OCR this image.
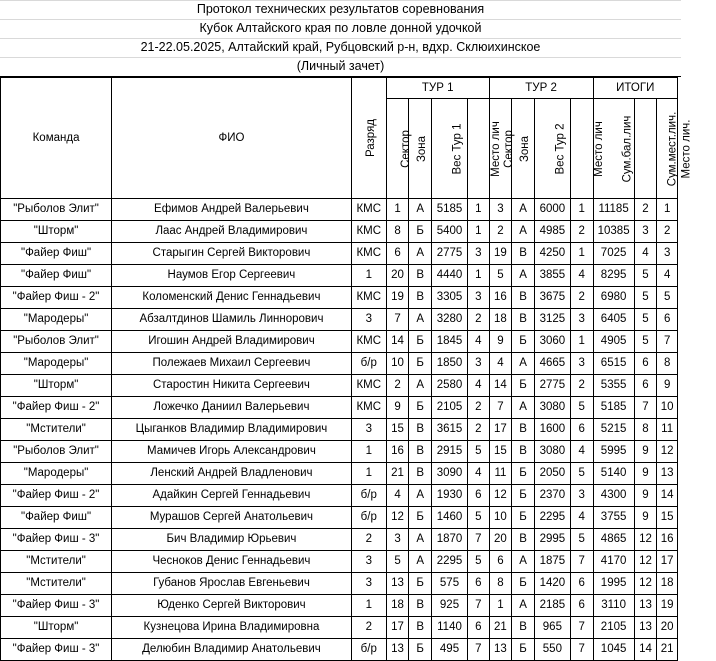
Протокол технических результатов соревнования
Кубок Алтайского края по ловле донной удочкой
21-22.05.2025, Алтайский край, Рубцовский р-н, вдхр. Склюихинское
(Личный зачет)
Команда	ФИО	Разряд	ТУР 1				ТУР 2				ИТОГИ		
			Сектор	Зона	Вес Тур 1	Место лич	Сектор	Зона	Вес Тур 2	Место лич	Сум.бал.лич	Сум.мест.лич.	Место лич.
"Рыболов Элит"	Ефимов Андрей Валерьевич	КМС	1	А	5185	1	3	А	6000	1	11185	2	1
"Шторм"	Лаас Андрей Владимирович	КМС	8	Б	5400	1	2	А	4985	2	10385	3	2
"Файер Фиш"	Старыгин Сергей Викторович	КМС	6	А	2775	3	19	В	4250	1	7025	4	3
"Файер Фиш"	Наумов Егор Сергеевич	1	20	В	4440	1	5	А	3855	4	8295	5	4
"Файер Фиш - 2"	Коломенский Денис Геннадьевич	КМС	19	В	3305	3	16	В	3675	2	6980	5	5
"Мародеры"	Абзалтдинов Шамиль Линнорович	3	7	А	3280	2	18	В	3125	3	6405	5	6
"Рыболов Элит"	Игошин Андрей Владимирович	КМС	14	Б	1845	4	9	Б	3060	1	4905	5	7
"Мародеры"	Полежаев Михаил Сергеевич	б/р	10	Б	1850	3	4	А	4665	3	6515	6	8
"Шторм"	Старостин Никита Сергеевич	КМС	2	А	2580	4	14	Б	2775	2	5355	6	9
"Файер Фиш - 2"	Ложечко Даниил Валерьевич	КМС	9	Б	2105	2	7	А	3080	5	5185	7	10
"Мстители"	Цыганков Владимир Владимирович	3	15	В	3615	2	17	В	1600	6	5215	8	11
"Рыболов Элит"	Мамичев Игорь Александрович	1	16	В	2915	5	15	В	3080	4	5995	9	12
"Мародеры"	Ленский Андрей Владленович	1	21	В	3090	4	11	Б	2050	5	5140	9	13
"Файер Фиш - 2"	Адайкин Сергей Геннадьевич	б/р	4	А	1930	6	12	Б	2370	3	4300	9	14
"Файер Фиш"	Мурашов Сергей Анатольевич	б/р	12	Б	1460	5	10	Б	2295	4	3755	9	15
"Файер Фиш - 3"	Бич Владимир Юрьевич	2	3	А	1870	7	20	В	2995	5	4865	12	16
"Мстители"	Чесноков Денис Геннадьевич	3	5	А	2295	5	6	А	1875	7	4170	12	17
"Мстители"	Губанов Ярослав Евгеньевич	3	13	Б	575	6	8	Б	1420	6	1995	12	18
"Файер Фиш - 3"	Юденко Сергей Викторович	1	18	В	925	7	1	А	2185	6	3110	13	19
"Шторм"	Кузнецова Ирина Владимировна	2	17	В	1140	6	21	В	965	7	2105	13	20
"Файер Фиш - 3"	Делюбин Владимир Анатольевич	б/р	13	Б	495	7	13	Б	550	7	1045	14	21
